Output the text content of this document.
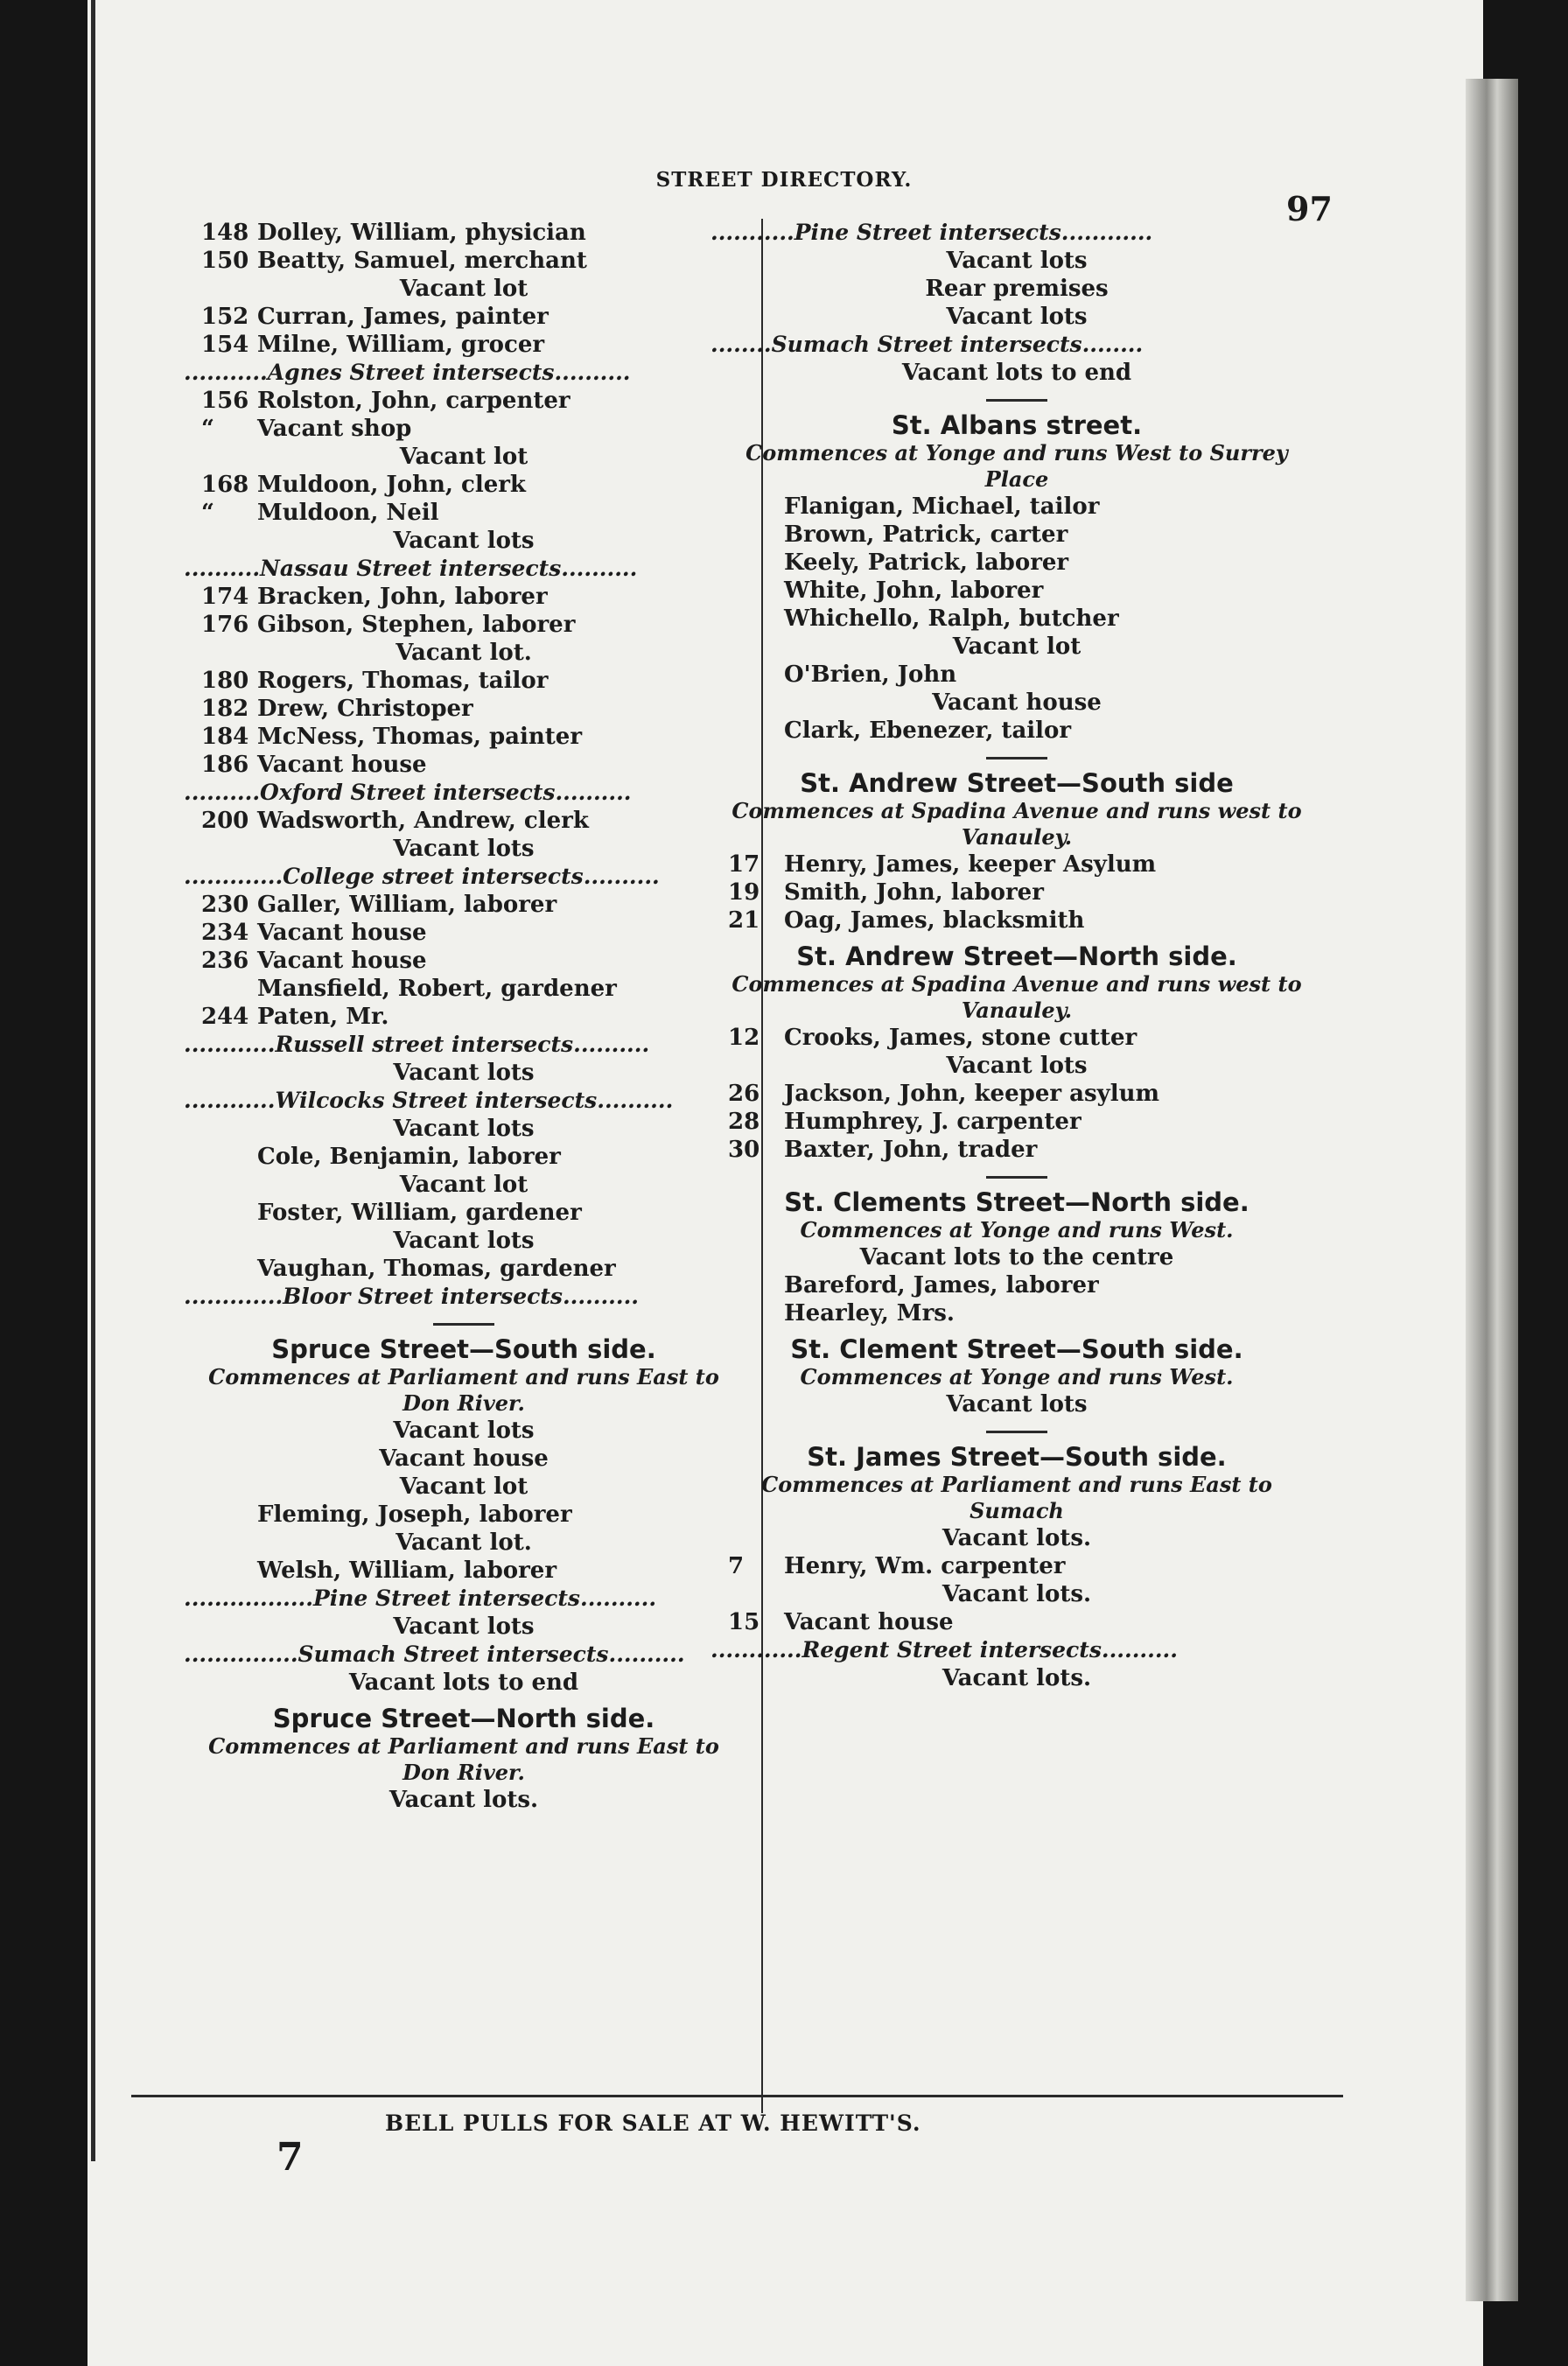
STREET DIRECTORY.
97
148 Dolley, William, physician
150 Beatty, Samuel, merchant
Vacant lot
152 Curran, James, painter
154 Milne, William, grocer
...........Agnes Street intersects..........
156 Rolston, John, carpenter
“	Vacant shop
Vacant lot
168 Muldoon, John, clerk
“	Muldoon, Neil
Vacant lots
..........Nassau Street intersects..........
174 Bracken, John, laborer
176 Gibson, Stephen, laborer
Vacant lot.
180 Rogers, Thomas, tailor
182 Drew, Christoper
184 McNess, Thomas, painter
186 Vacant house
..........Oxford Street intersects..........
200 Wadsworth, Andrew, clerk
Vacant lots
.............College street intersects..........
230 Galler, William, laborer
234 Vacant house
236 Vacant house
Mansfield, Robert, gardener
244 Paten, Mr.
............Russell street intersects..........
Vacant lots
............Wilcocks Street intersects..........
Vacant lots
Cole, Benjamin, laborer
Vacant lot
Foster, William, gardener
Vacant lots
Vaughan, Thomas, gardener
.............Bloor Street intersects..........
Spruce Street—South side.
Commences at Parliament and runs East to Don River.
Vacant lots
Vacant house
Vacant lot
Fleming, Joseph, laborer
Vacant lot.
Welsh, William, laborer
.................Pine Street intersects..........
Vacant lots
...............Sumach Street intersects..........
Vacant lots to end
Spruce Street—North side.
Commences at Parliament and runs East to Don River.
Vacant lots.
...........Pine Street intersects............
Vacant lots
Rear premises
Vacant lots
........Sumach Street intersects........
Vacant lots to end
St. Albans street.
Commences at Yonge and runs West to Surrey Place
Flanigan, Michael, tailor
Brown, Patrick, carter
Keely, Patrick, laborer
White, John, laborer
Whichello, Ralph, butcher
Vacant lot
O'Brien, John
Vacant house
Clark, Ebenezer, tailor
St. Andrew Street—South side
Commences at Spadina Avenue and runs west to Vanauley.
17	Henry, James, keeper Asylum
19	Smith, John, laborer
21	Oag, James, blacksmith
St. Andrew Street—North side.
Commences at Spadina Avenue and runs west to Vanauley.
12	Crooks, James, stone cutter
Vacant lots
26	Jackson, John, keeper asylum
28	Humphrey, J. carpenter
30	Baxter, John, trader
St. Clements Street—North side.
Commences at Yonge and runs West.
Vacant lots to the centre
Bareford, James, laborer
Hearley, Mrs.
St. Clement Street—South side.
Commences at Yonge and runs West.
Vacant lots
St. James Street—South side.
Commences at Parliament and runs East to Sumach
Vacant lots.
7	Henry, Wm. carpenter
Vacant lots.
15	Vacant house
............Regent Street intersects..........
Vacant lots.
BELL PULLS FOR SALE AT W. HEWITT'S.
7
